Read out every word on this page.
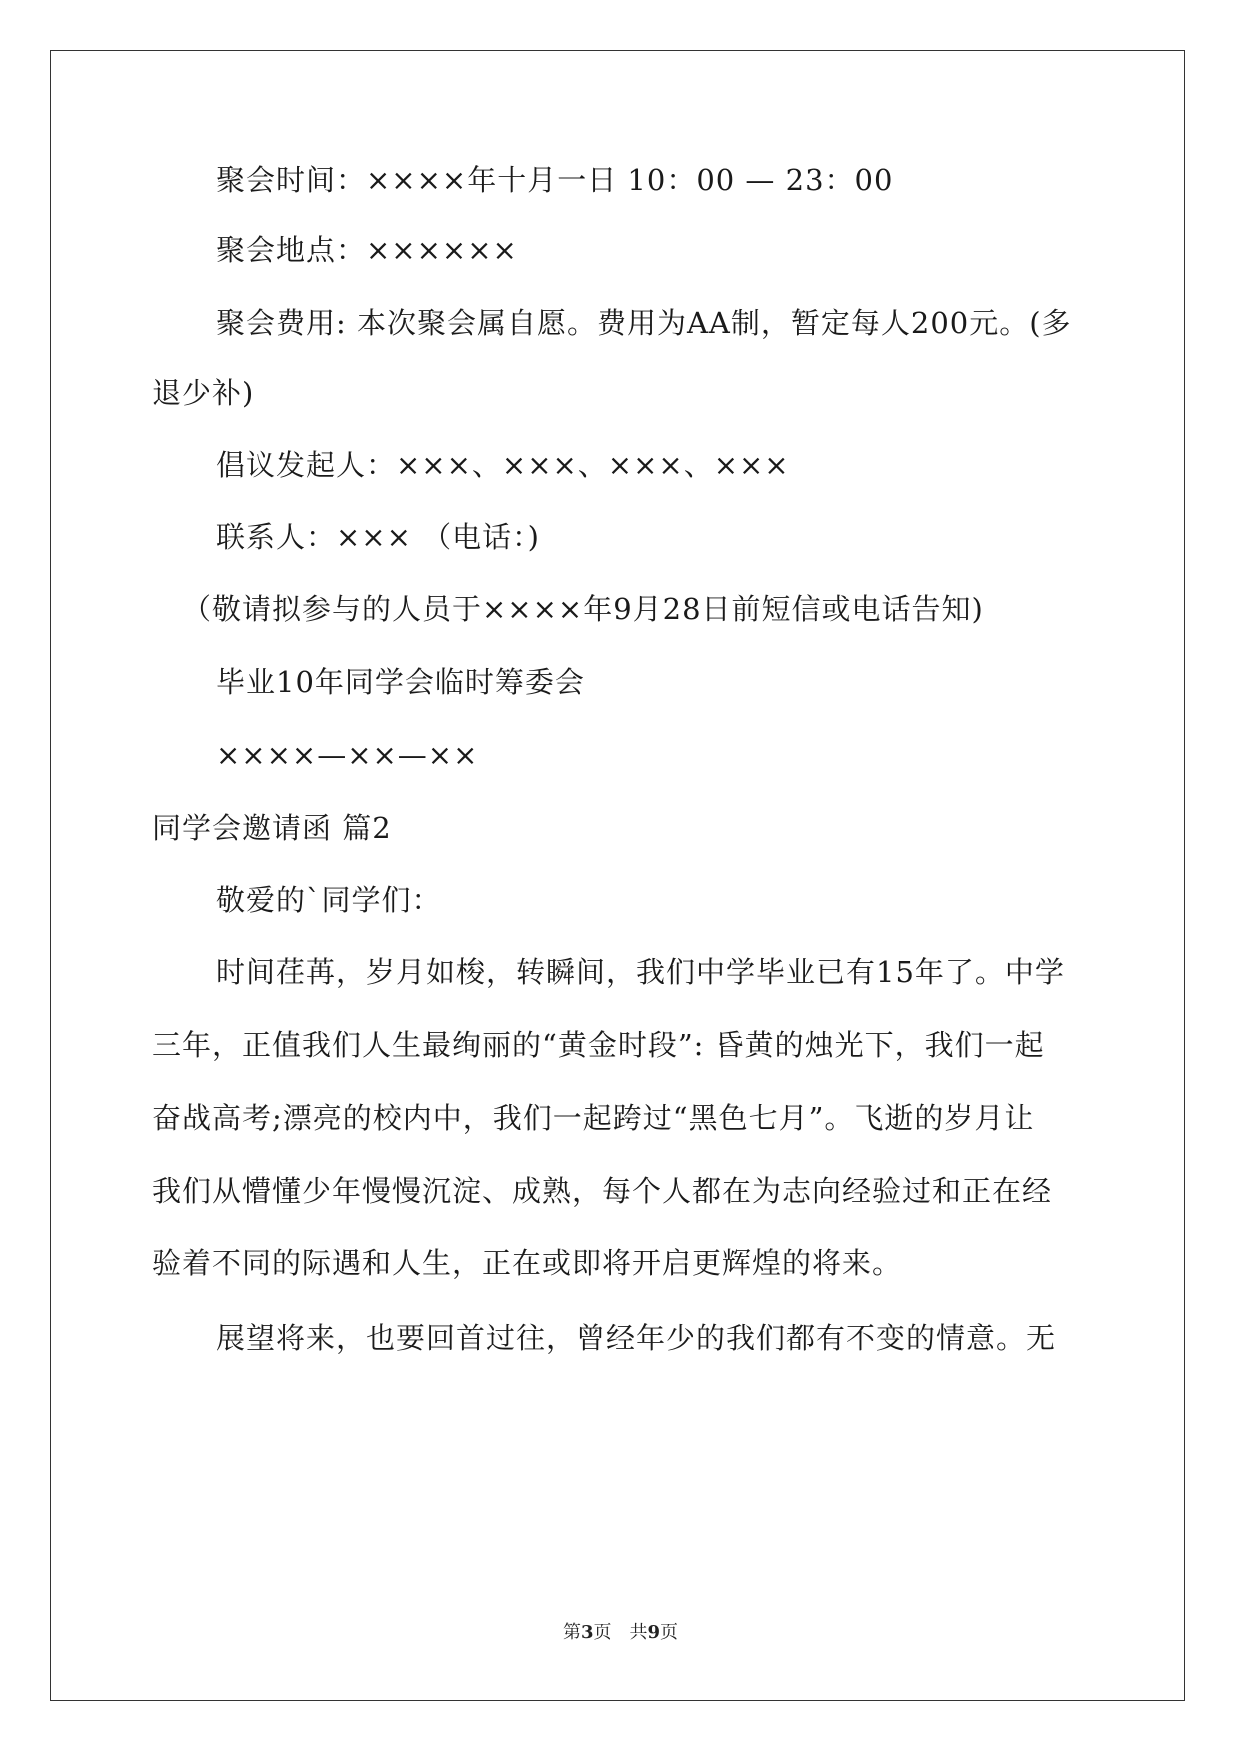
聚会时间：××××年十月一日 10：00 — 23：00
聚会地点：××××××
聚会费用: 本次聚会属自愿。费用为AA制，暂定每人200元。(多
退少补)
倡议发起人：×××、×××、×××、×××
联系人：××× （电话：)
（敬请拟参与的人员于××××年9月28日前短信或电话告知)
毕业10年同学会临时筹委会
××××—××—××
同学会邀请函 篇2
敬爱的`同学们：
时间荏苒，岁月如梭，转瞬间，我们中学毕业已有15年了。中学
三年，正值我们人生最绚丽的“黄金时段”: 昏黄的烛光下，我们一起
奋战高考;漂亮的校内中，我们一起跨过“黑色七月”。飞逝的岁月让
我们从懵懂少年慢慢沉淀、成熟，每个人都在为志向经验过和正在经
验着不同的际遇和人生，正在或即将开启更辉煌的将来。
展望将来，也要回首过往，曾经年少的我们都有不变的情意。无
第3页　共9页
